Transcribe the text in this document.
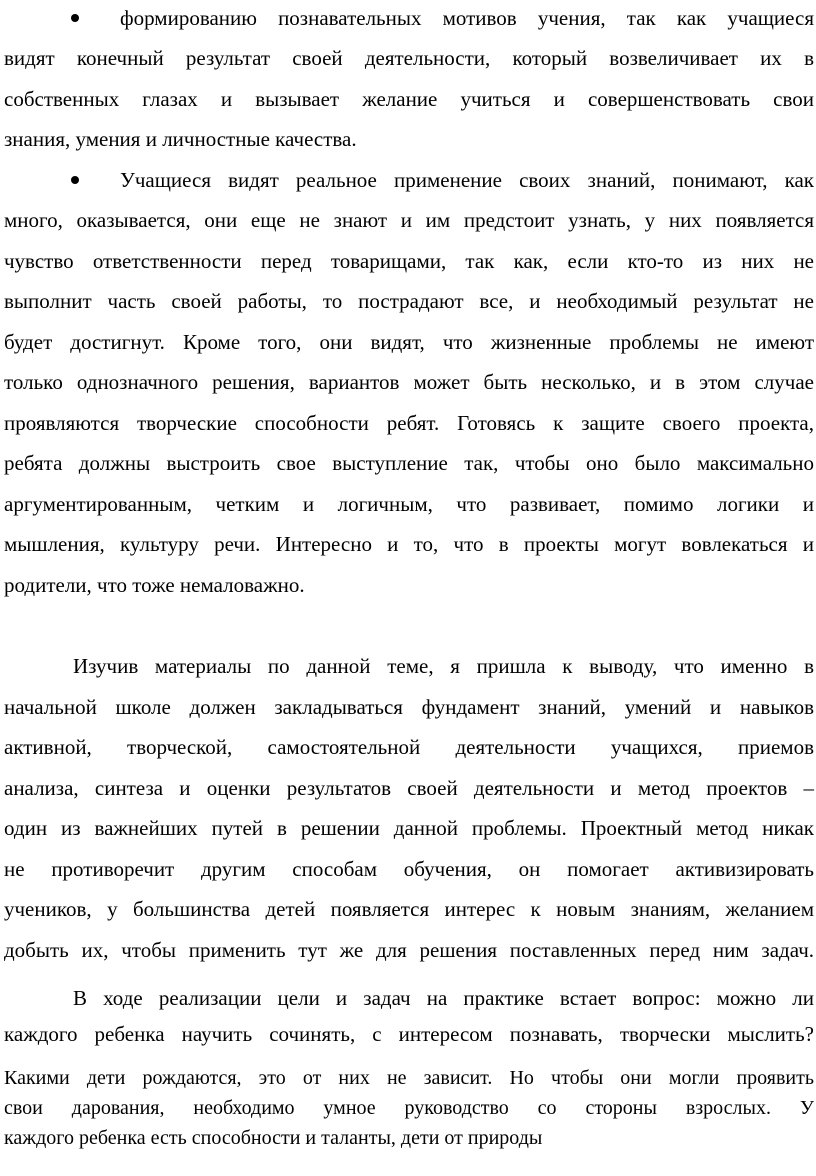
формированию познавательных мотивов учения, так как учащиеся
видят конечный результат своей деятельности, который возвеличивает их в
собственных глазах и вызывает желание учиться и совершенствовать свои
знания, умения и личностные качества.
Учащиеся видят реальное применение своих знаний, понимают, как
много, оказывается, они еще не знают и им предстоит узнать, у них появляется
чувство ответственности перед товарищами, так как, если кто-то из них не
выполнит часть своей работы, то пострадают все, и необходимый результат не
будет достигнут. Кроме того, они видят, что жизненные проблемы не имеют
только однозначного решения, вариантов может быть несколько, и в этом случае
проявляются творческие способности ребят. Готовясь к защите своего проекта,
ребята должны выстроить свое выступление так, чтобы оно было максимально
аргументированным, четким и логичным, что развивает, помимо логики и
мышления, культуру речи. Интересно и то, что в проекты могут вовлекаться и
родители, что тоже немаловажно.
Изучив материалы по данной теме, я пришла к выводу, что именно в
начальной школе должен закладываться фундамент знаний, умений и навыков
активной, творческой, самостоятельной деятельности учащихся, приемов
анализа, синтеза и оценки результатов своей деятельности и метод проектов –
один из важнейших путей в решении данной проблемы. Проектный метод никак
не противоречит другим способам обучения, он помогает активизировать
учеников, у большинства детей появляется интерес к новым знаниям, желанием
добыть их, чтобы применить тут же для решения поставленных перед ним задач.
В ходе реализации цели и задач на практике встает вопрос: можно ли
каждого ребенка научить сочинять, с интересом познавать, творчески мыслить?
Какими дети рождаются, это от них не зависит. Но чтобы они могли проявить
свои дарования, необходимо умное руководство со стороны взрослых. У
каждого ребенка есть способности и таланты, дети от природы
